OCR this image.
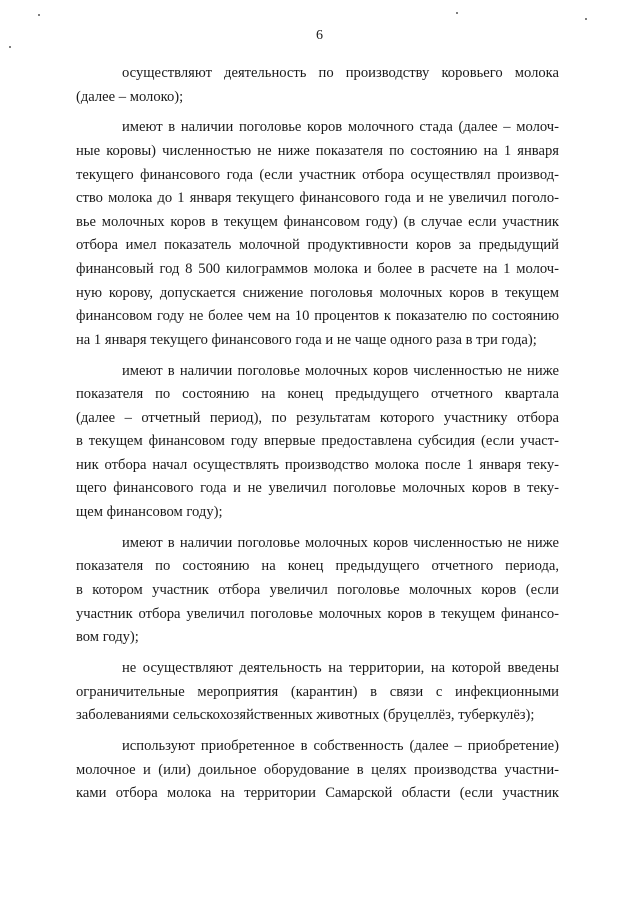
6

осуществляют деятельность по производству коровьего молока
(далее – молоко);

имеют в наличии поголовье коров молочного стада (далее – молоч-
ные коровы) численностью не ниже показателя по состоянию на 1 января
текущего финансового года (если участник отбора осуществлял производ-
ство молока до 1 января текущего финансового года и не увеличил поголо-
вье молочных коров в текущем финансовом году) (в случае если участник
отбора имел показатель молочной продуктивности коров за предыдущий
финансовый год 8 500 килограммов молока и более в расчете на 1 молоч-
ную корову, допускается снижение поголовья молочных коров в текущем
финансовом году не более чем на 10 процентов к показателю по состоянию
на 1 января текущего финансового года и не чаще одного раза в три года);

имеют в наличии поголовье молочных коров численностью не ниже
показателя по состоянию на конец предыдущего отчетного квартала
(далее – отчетный период), по результатам которого участнику отбора
в текущем финансовом году впервые предоставлена субсидия (если участ-
ник отбора начал осуществлять производство молока после 1 января теку-
щего финансового года и не увеличил поголовье молочных коров в теку-
щем финансовом году);

имеют в наличии поголовье молочных коров численностью не ниже
показателя по состоянию на конец предыдущего отчетного периода,
в котором участник отбора увеличил поголовье молочных коров (если
участник отбора увеличил поголовье молочных коров в текущем финансо-
вом году);

не осуществляют деятельность на территории, на которой введены
ограничительные мероприятия (карантин) в связи с инфекционными
заболеваниями сельскохозяйственных животных (бруцеллёз, туберкулёз);

используют приобретенное в собственность (далее – приобретение)
молочное и (или) доильное оборудование в целях производства участни-
ками отбора молока на территории Самарской области (если участник
